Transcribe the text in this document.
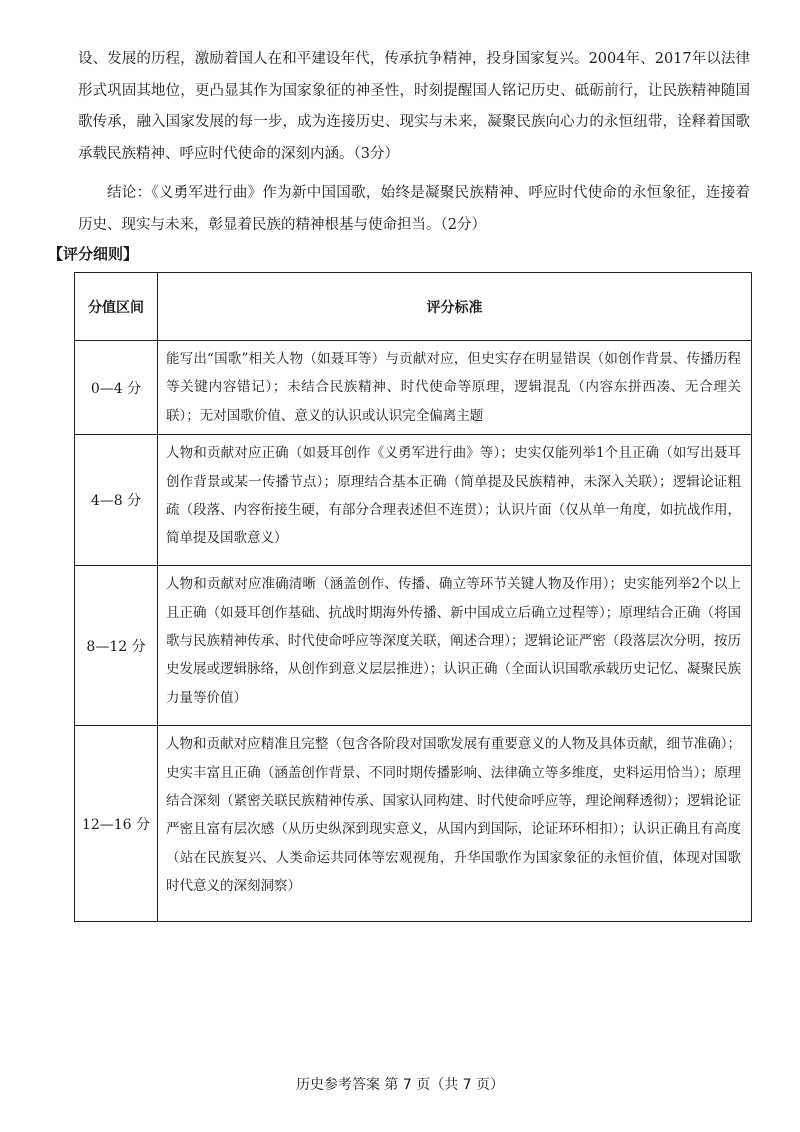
设、发展的历程，激励着国人在和平建设年代，传承抗争精神，投身国家复兴。2004年、2017年以法律形式巩固其地位，更凸显其作为国家象征的神圣性，时刻提醒国人铭记历史、砥砺前行，让民族精神随国歌传承，融入国家发展的每一步，成为连接历史、现实与未来，凝聚民族向心力的永恒纽带，诠释着国歌承载民族精神、呼应时代使命的深刻内涵。（3分）

结论：《义勇军进行曲》作为新中国国歌，始终是凝聚民族精神、呼应时代使命的永恒象征，连接着历史、现实与未来，彰显着民族的精神根基与使命担当。（2分）

【评分细则】
分值区间	评分标准
0—4 分	能写出“国歌”相关人物（如聂耳等）与贡献对应，但史实存在明显错误（如创作背景、传播历程等关键内容错记）；未结合民族精神、时代使命等原理，逻辑混乱（内容东拼西凑、无合理关联）；无对国歌价值、意义的认识或认识完全偏离主题
4—8 分	人物和贡献对应正确（如聂耳创作《义勇军进行曲》等）；史实仅能列举1个且正确（如写出聂耳创作背景或某一传播节点）；原理结合基本正确（简单提及民族精神，未深入关联）；逻辑论证粗疏（段落、内容衔接生硬，有部分合理表述但不连贯）；认识片面（仅从单一角度，如抗战作用，简单提及国歌意义）
8—12 分	人物和贡献对应准确清晰（涵盖创作、传播、确立等环节关键人物及作用）；史实能列举2个以上且正确（如聂耳创作基础、抗战时期海外传播、新中国成立后确立过程等）；原理结合正确（将国歌与民族精神传承、时代使命呼应等深度关联，阐述合理）；逻辑论证严密（段落层次分明，按历史发展或逻辑脉络，从创作到意义层层推进）；认识正确（全面认识国歌承载历史记忆、凝聚民族力量等价值）
12—16 分	人物和贡献对应精准且完整（包含各阶段对国歌发展有重要意义的人物及具体贡献，细节准确）；史实丰富且正确（涵盖创作背景、不同时期传播影响、法律确立等多维度，史料运用恰当）；原理结合深刻（紧密关联民族精神传承、国家认同构建、时代使命呼应等，理论阐释透彻）；逻辑论证严密且富有层次感（从历史纵深到现实意义，从国内到国际，论证环环相扣）；认识正确且有高度（站在民族复兴、人类命运共同体等宏观视角，升华国歌作为国家象征的永恒价值，体现对国歌时代意义的深刻洞察）
历史参考答案 第 7 页（共 7 页）
